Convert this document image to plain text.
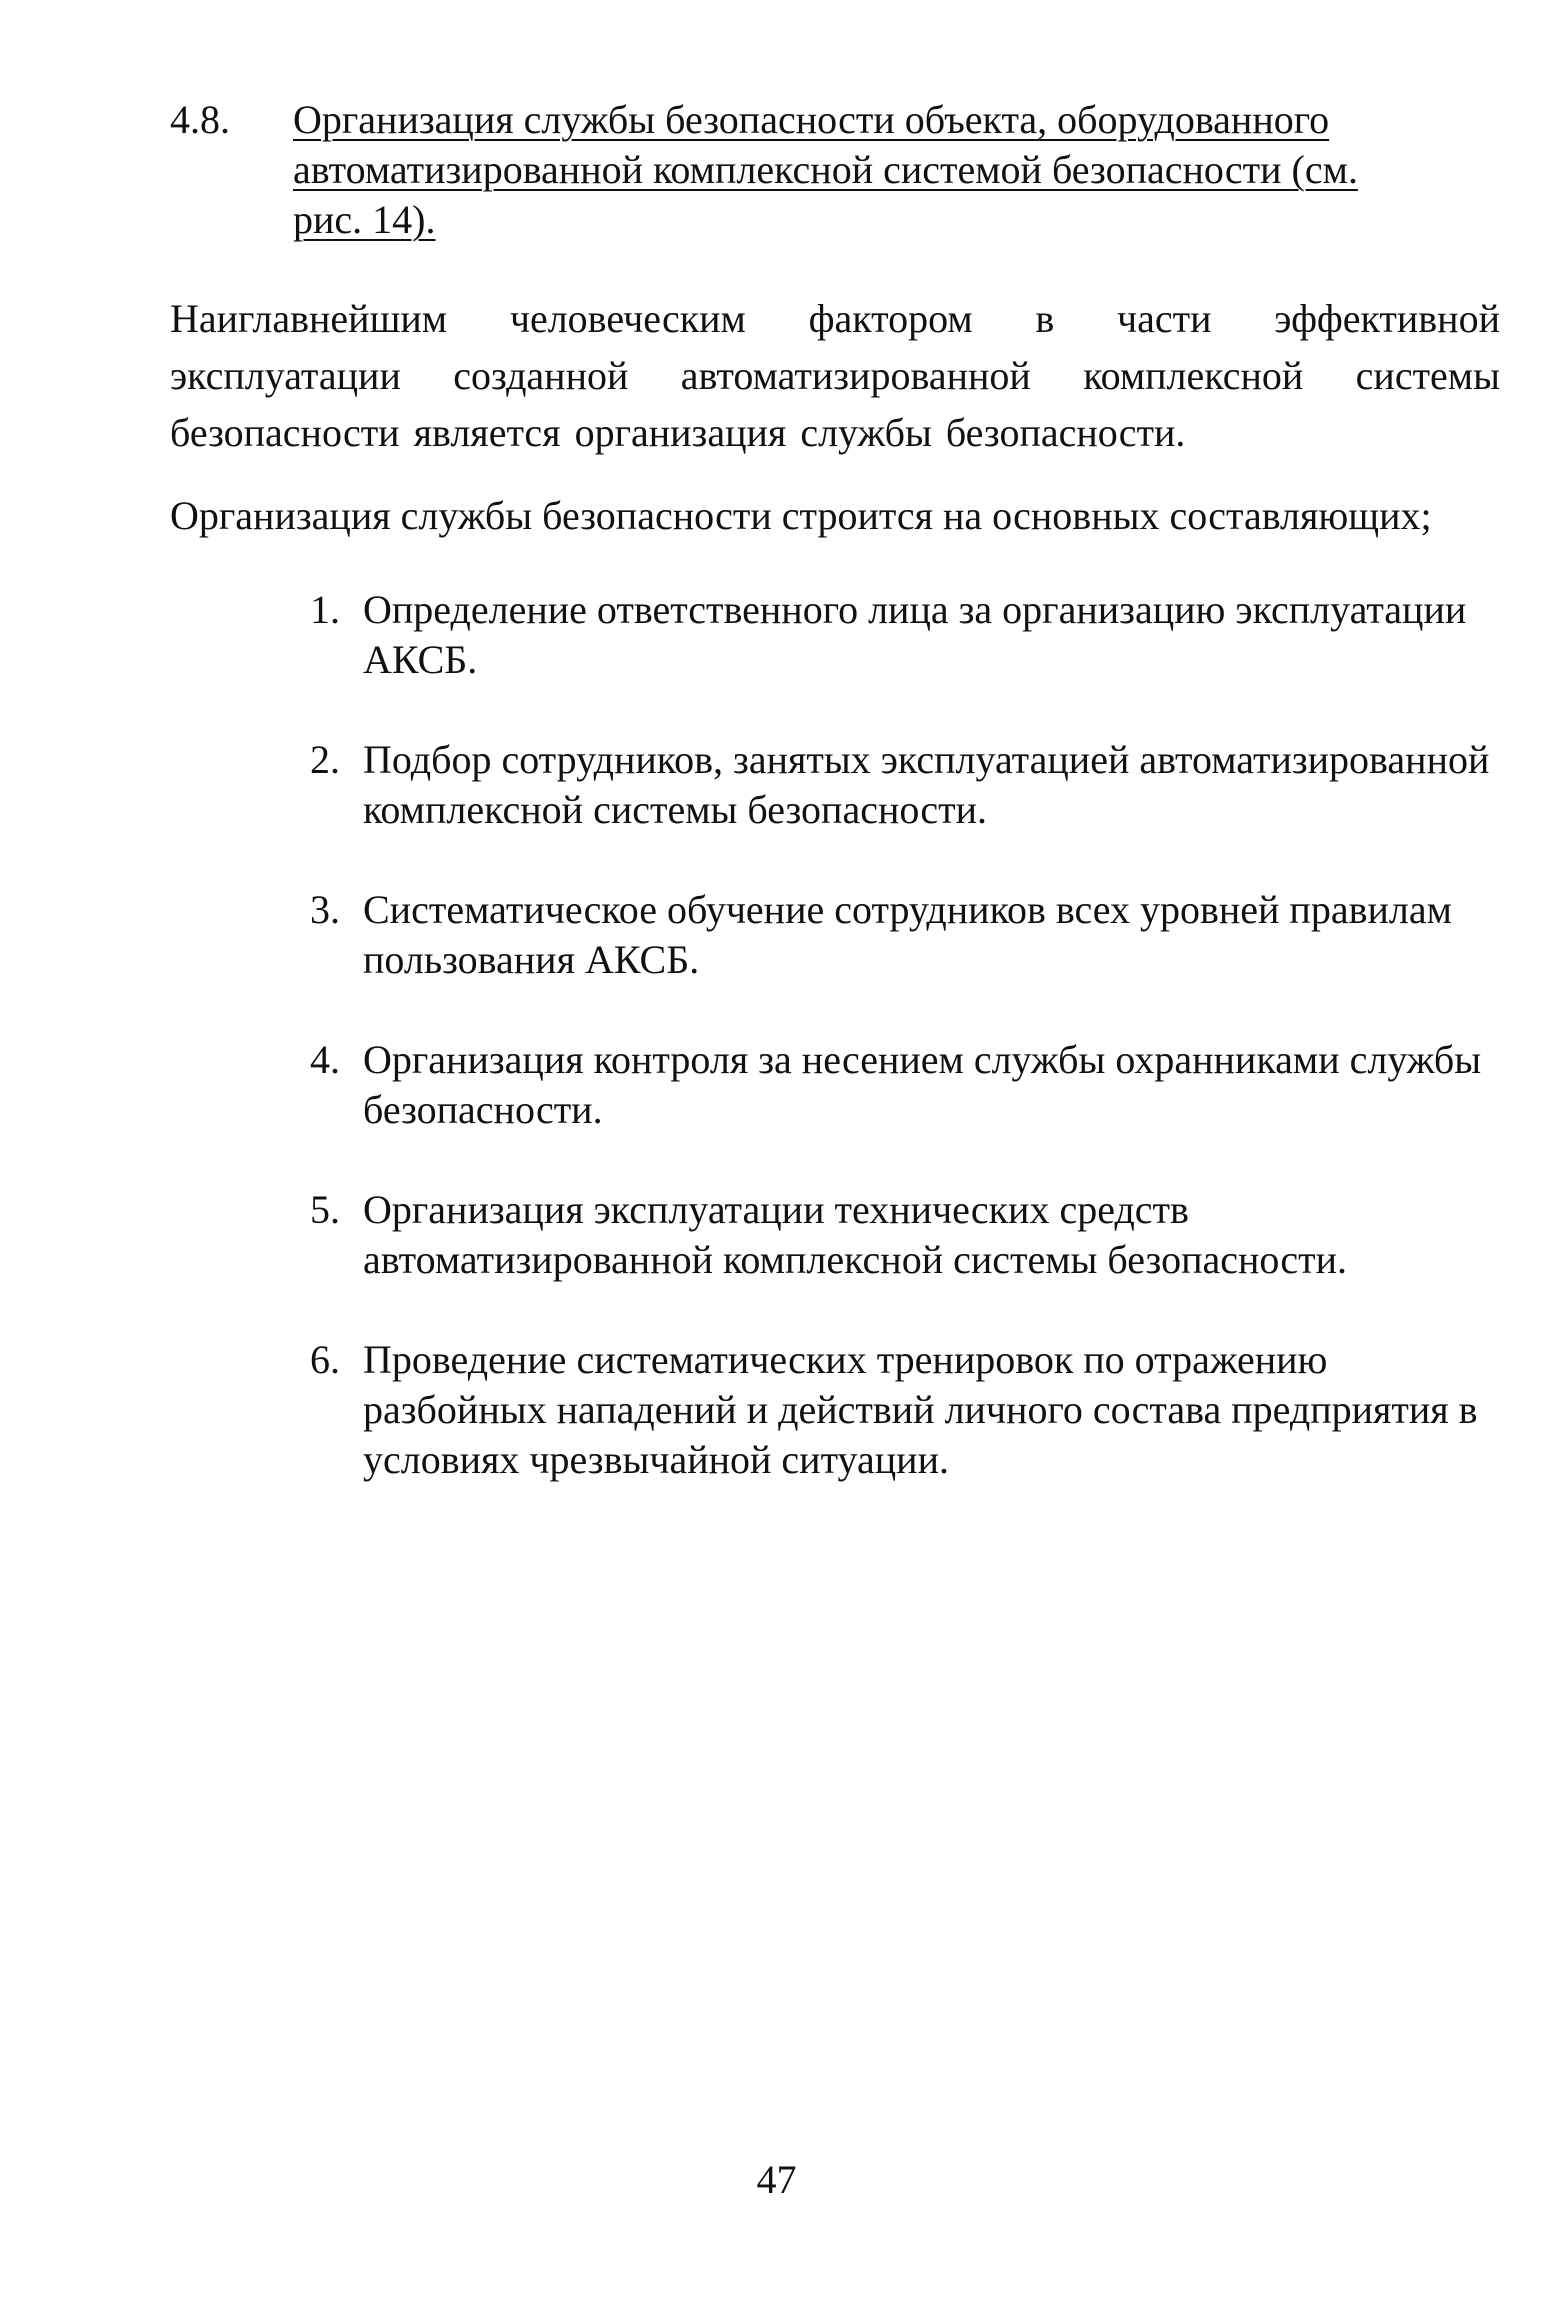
4.8. Организация службы безопасности объекта, оборудованного автоматизированной комплексной системой безопасности (см. рис. 14).

Наиглавнейшим человеческим фактором в части эффективной эксплуатации созданной автоматизированной комплексной системы безопасности является организация службы безопасности.

Организация службы безопасности строится на основных составляющих;

1. Определение ответственного лица за организацию эксплуатации АКСБ.
2. Подбор сотрудников, занятых эксплуатацией автоматизированной комплексной системы безопасности.
3. Систематическое обучение сотрудников всех уровней правилам пользования АКСБ.
4. Организация контроля за несением службы охранниками службы безопасности.
5. Организация эксплуатации технических средств автоматизированной комплексной системы безопасности.
6. Проведение систематических тренировок по отражению разбойных нападений и действий личного состава предприятия в условиях чрезвычайной ситуации.
47
